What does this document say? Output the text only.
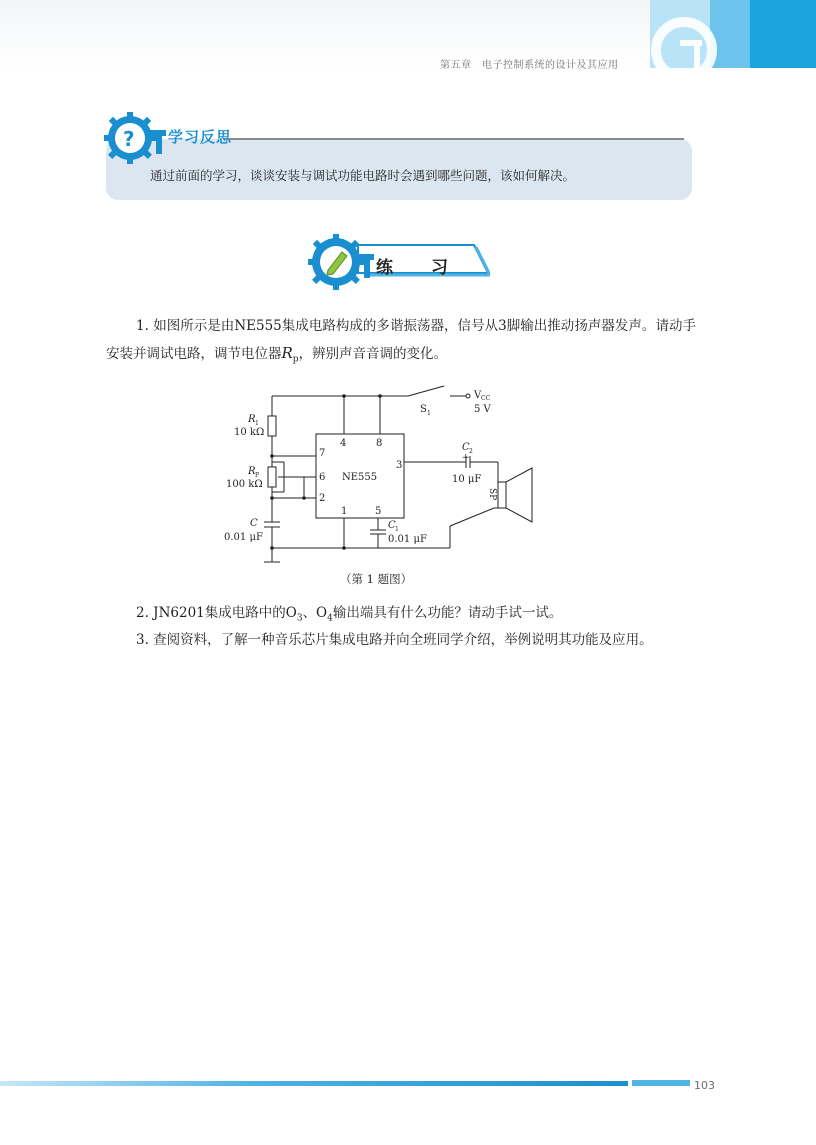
第五章　电子控制系统的设计及其应用
? 学习反思
通过前面的学习，谈谈安装与调试功能电路时会遇到哪些问题，该如何解决。
练习
1. 如图所示是由NE555集成电路构成的多谐振荡器，信号从3脚输出推动扬声器发声。请动手安装并调试电路，调节电位器$R_p$，辨别声音音调的变化。
R 1
10 kΩ
R P
100 kΩ
C
0.01 μF
4	8
7
6
2
3
1	5
NE555
C 1
0.01 μF
C 2
+
10 μF
S 1
V CC
5 V
SP
（第 1 题图）
2. JN6201集成电路中的$O_3$、$O_4$输出端具有什么功能？请动手试一试。
3. 查阅资料，了解一种音乐芯片集成电路并向全班同学介绍，举例说明其功能及应用。
103
